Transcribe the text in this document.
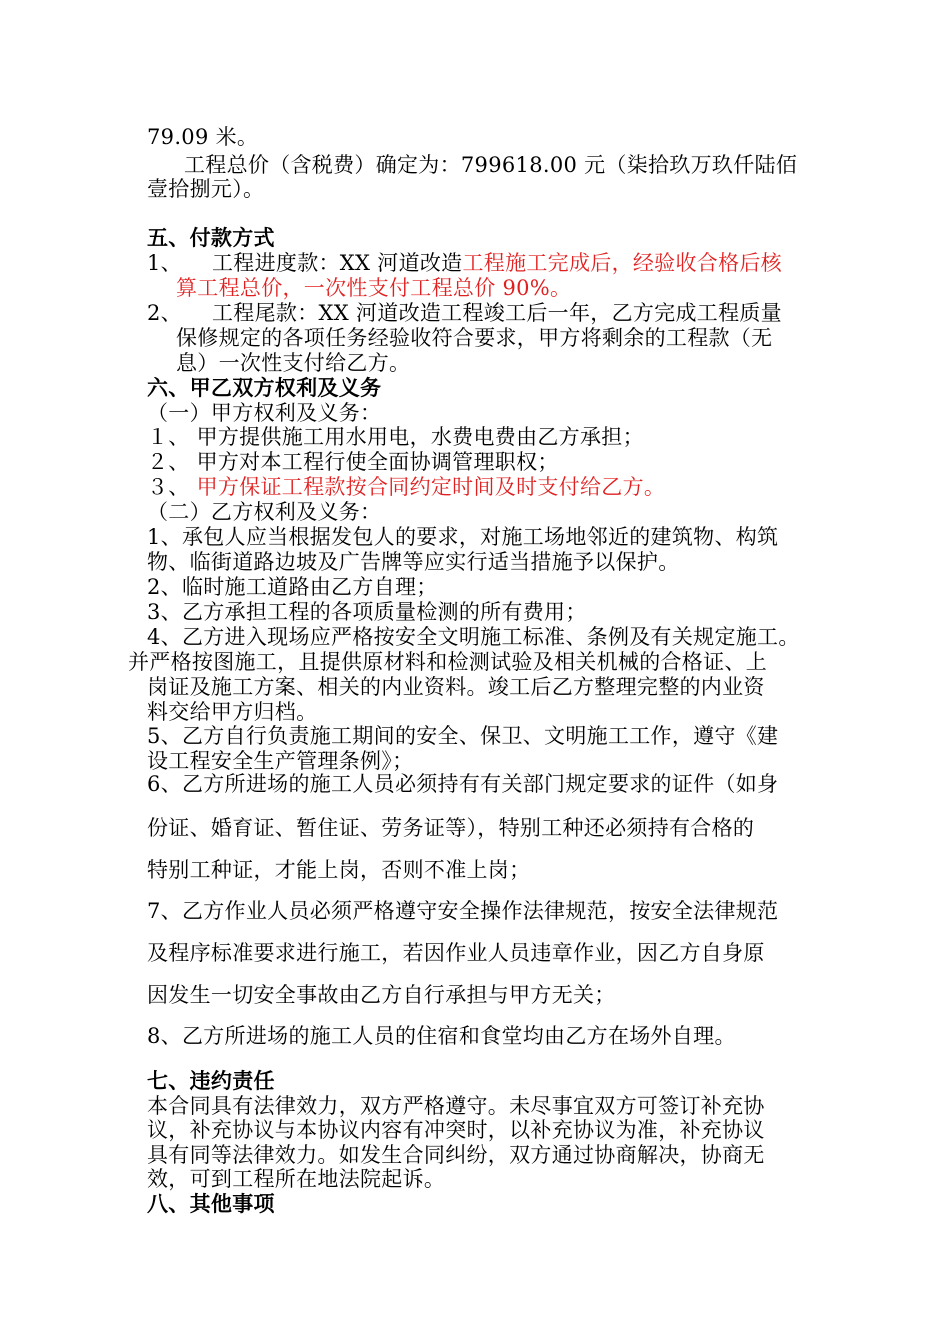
79.09 米。
工程总价（含税费）确定为：799618.00 元（柒拾玖万玖仟陆佰
壹拾捌元）。
五、付款方式
1、 工程进度款：XX 河道改造工程施工完成后，经验收合格后核
算工程总价，一次性支付工程总价 90%。
2、 工程尾款：XX 河道改造工程竣工后一年，乙方完成工程质量
保修规定的各项任务经验收符合要求，甲方将剩余的工程款（无
息）一次性支付给乙方。
六、甲乙双方权利及义务
（一）甲方权利及义务：
１、 甲方提供施工用水用电，水费电费由乙方承担；
２、 甲方对本工程行使全面协调管理职权；
３、 甲方保证工程款按合同约定时间及时支付给乙方。
（二）乙方权利及义务：
1、承包人应当根据发包人的要求，对施工场地邻近的建筑物、构筑
物、临街道路边坡及广告牌等应实行适当措施予以保护。
2、临时施工道路由乙方自理；
3、乙方承担工程的各项质量检测的所有费用；
4、乙方进入现场应严格按安全文明施工标准、条例及有关规定施工。
并严格按图施工，且提供原材料和检测试验及相关机械的合格证、上
岗证及施工方案、相关的内业资料。竣工后乙方整理完整的内业资
料交给甲方归档。
5、乙方自行负责施工期间的安全、保卫、文明施工工作，遵守《建
设工程安全生产管理条例》；
6、乙方所进场的施工人员必须持有有关部门规定要求的证件（如身
份证、婚育证、暂住证、劳务证等），特别工种还必须持有合格的
特别工种证，才能上岗，否则不准上岗；
7、乙方作业人员必须严格遵守安全操作法律规范，按安全法律规范
及程序标准要求进行施工，若因作业人员违章作业，因乙方自身原
因发生一切安全事故由乙方自行承担与甲方无关；
8、乙方所进场的施工人员的住宿和食堂均由乙方在场外自理。
七、违约责任
本合同具有法律效力，双方严格遵守。未尽事宜双方可签订补充协
议，补充协议与本协议内容有冲突时，以补充协议为准，补充协议
具有同等法律效力。如发生合同纠纷，双方通过协商解决，协商无
效，可到工程所在地法院起诉。
八、其他事项
